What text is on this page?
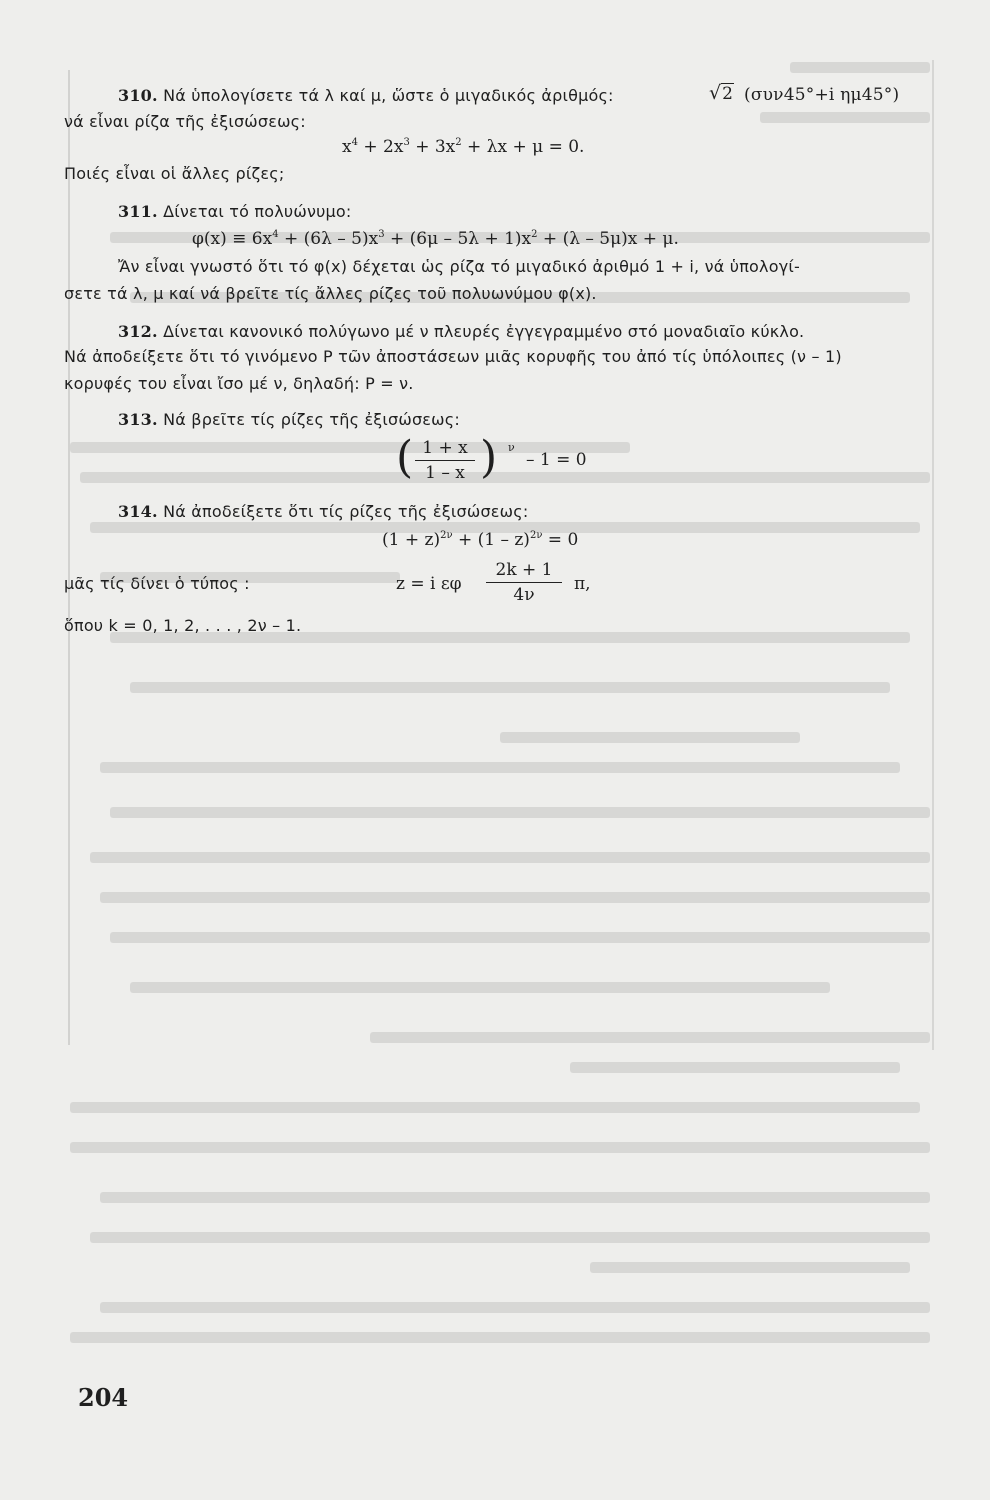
310. Νά ὑπολογίσετε τά λ καί μ, ὥστε ὁ μιγαδικός ἀριθμός:	√2 (συν45°+i ημ45°)
νά εἶναι ρίζα τῆς ἐξισώσεως:
$x^4 + 2x^3 + 3x^2 + \lambda x + \mu = 0$.
Ποιές εἶναι οἱ ἄλλες ρίζες;
311. Δίνεται τό πολυώνυμο:
$\varphi(x) \equiv 6x^4 + (6\lambda - 5)x^3 + (6\mu - 5\lambda + 1)x^2 + (\lambda - 5\mu)x + \mu$.
Ἄν εἶναι γνωστό ὅτι τό φ(x) δέχεται ὡς ρίζα τό μιγαδικό ἀριθμό 1 + i, νά ὑπολογί-
σετε τά λ, μ καί νά βρεῖτε τίς ἄλλες ρίζες τοῦ πολυωνύμου φ(x).
312. Δίνεται κανονικό πολύγωνο μέ ν πλευρές ἐγγεγραμμένο στό μοναδιαῖο κύκλο.
Νά ἀποδείξετε ὅτι τό γινόμενο Ρ τῶν ἀποστάσεων μιᾶς κορυφῆς του ἀπό τίς ὑπόλοιπες (ν – 1)
κορυφές του εἶναι ἴσο μέ ν, δηλαδή: Ρ = ν.
313. Νά βρεῖτε τίς ρίζες τῆς ἐξισώσεως:
( 1 + x
1 – x ) ν
– 1 = 0
314. Νά ἀποδείξετε ὅτι τίς ρίζες τῆς ἐξισώσεως:
$(1 + z)^{2\nu} + (1 - z)^{2\nu} = 0$
μᾶς τίς δίνει ὁ τύπος :	z = i εφ
2k + 1
4ν
π,
ὅπου k = 0, 1, 2, . . . , 2ν – 1.
204
